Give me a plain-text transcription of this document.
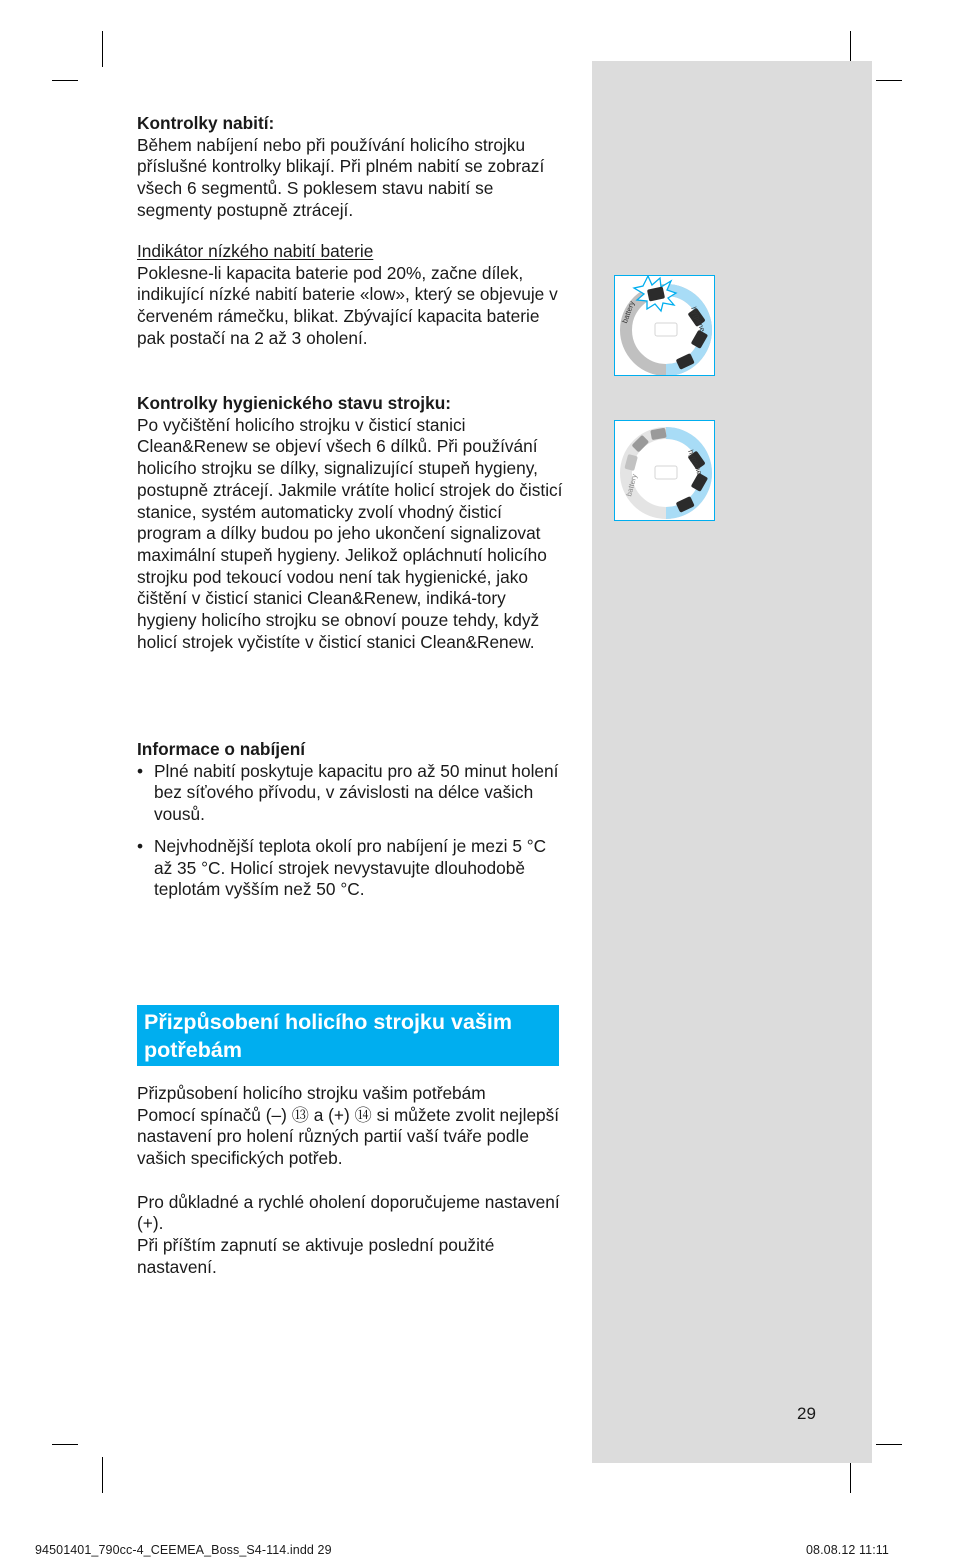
Kontrolky nabití:

Během nabíjení nebo při používání holicího strojku příslušné kontrolky blikají. Při plném nabití se zobrazí všech 6 segmentů. S poklesem stavu nabití se segmenty postupně ztrácejí.

Indikátor nízkého nabití baterie

Poklesne-li kapacita baterie pod 20%, začne dílek, indikující nízké nabití baterie «low», který se objevuje v červeném rámečku, blikat. Zbývající kapacita baterie pak postačí na 2 až 3 oholení.

Kontrolky hygienického stavu strojku:

Po vyčištění holicího strojku v čisticí stanici Clean&Renew se objeví všech 6 dílků. Při používání holicího strojku se dílky, signalizující stupeň hygieny, postupně ztrácejí. Jakmile vrátíte holicí strojek do čisticí stanice, systém automaticky zvolí vhodný čisticí program a dílky budou po jeho ukončení signalizovat maximální stupeň hygieny. Jelikož opláchnutí holicího strojku pod tekoucí vodou není tak hygienické, jako čištění v čisticí stanici Clean&Renew, indiká-tory hygieny holicího strojku se obnoví pouze tehdy, když holicí strojek vyčistíte v čisticí stanici Clean&Renew.

Informace o nabíjení

• Plné nabití poskytuje kapacitu pro až 50 minut holení bez síťového přívodu, v závislosti na délce vašich vousů.
• Nejvhodnější teplota okolí pro nabíjení je mezi 5 °C až 35 °C. Holicí strojek nevystavujte dlouhodobě teplotám vyšším než 50 °C.
Přizpůsobení holicího strojku vašim potřebám

Přizpůsobení holicího strojku vašim potřebám

Pomocí spínačů (–) ⑬ a (+) ⑭ si můžete zvolit nejlepší nastavení pro holení různých partií vaší tváře podle vašich specifických potřeb.

Pro důkladné a rychlé oholení doporučujeme nastavení (+).

Při příštím zapnutí se aktivuje poslední použité nastavení.

battery	hygiene
battery
hygiene
29
94501401_790cc-4_CEEMEA_Boss_S4-114.indd 29	08.08.12 11:11
